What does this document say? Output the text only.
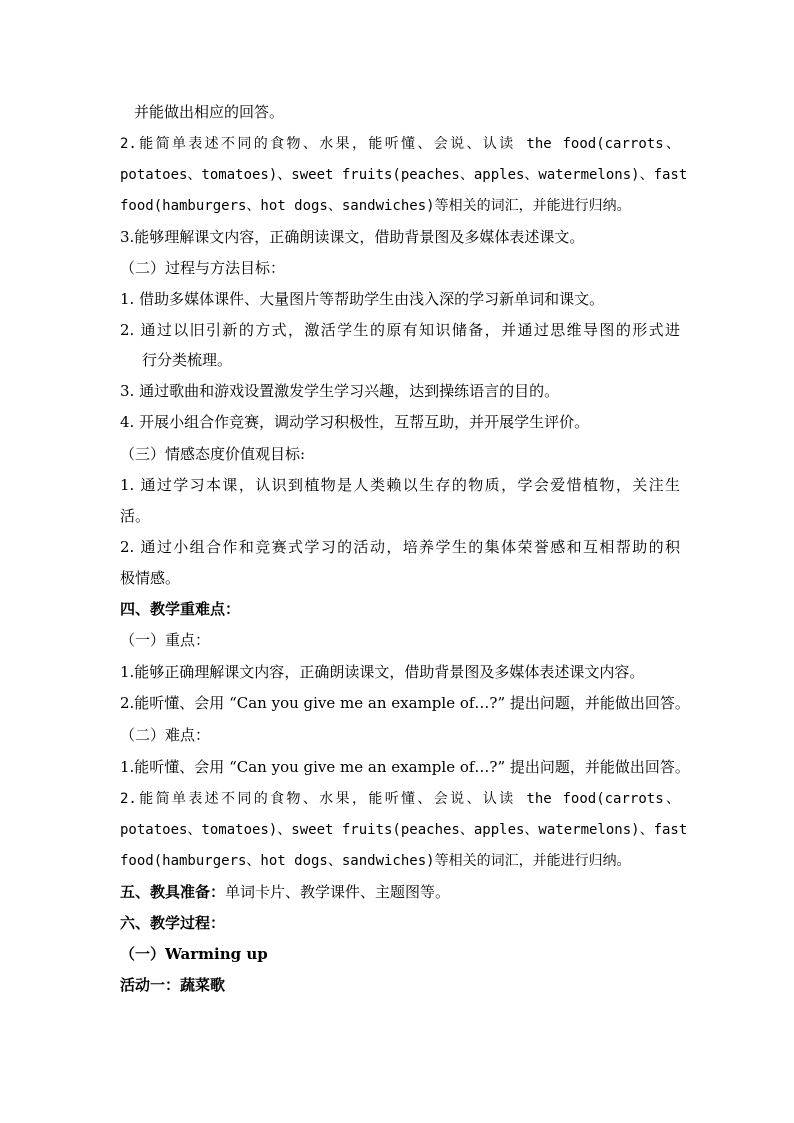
并能做出相应的回答。
2.能简单表述不同的食物、水果，能听懂、会说、认读 the food(carrots、
potatoes、tomatoes)、sweet fruits(peaches、apples、watermelons)、fast
food(hamburgers、hot dogs、sandwiches)等相关的词汇，并能进行归纳。
3.能够理解课文内容，正确朗读课文，借助背景图及多媒体表述课文。
（二）过程与方法目标：
1. 借助多媒体课件、大量图片等帮助学生由浅入深的学习新单词和课文。
2. 通过以旧引新的方式，激活学生的原有知识储备，并通过思维导图的形式进
行分类梳理。
3. 通过歌曲和游戏设置激发学生学习兴趣，达到操练语言的目的。
4. 开展小组合作竞赛，调动学习积极性，互帮互助，并开展学生评价。
（三）情感态度价值观目标:
1. 通过学习本课，认识到植物是人类赖以生存的物质，学会爱惜植物，关注生
活。
2. 通过小组合作和竞赛式学习的活动，培养学生的集体荣誉感和互相帮助的积
极情感。
四、教学重难点：
（一）重点：
1.能够正确理解课文内容，正确朗读课文，借助背景图及多媒体表述课文内容。
2.能听懂、会用 “Can you give me an example of…?” 提出问题，并能做出回答。
（二）难点：
1.能听懂、会用 “Can you give me an example of…?” 提出问题，并能做出回答。
2.能简单表述不同的食物、水果，能听懂、会说、认读 the food(carrots、
potatoes、tomatoes)、sweet fruits(peaches、apples、watermelons)、fast
food(hamburgers、hot dogs、sandwiches)等相关的词汇，并能进行归纳。
五、教具准备：单词卡片、教学课件、主题图等。
六、教学过程：
（一）Warming up
活动一：蔬菜歌
